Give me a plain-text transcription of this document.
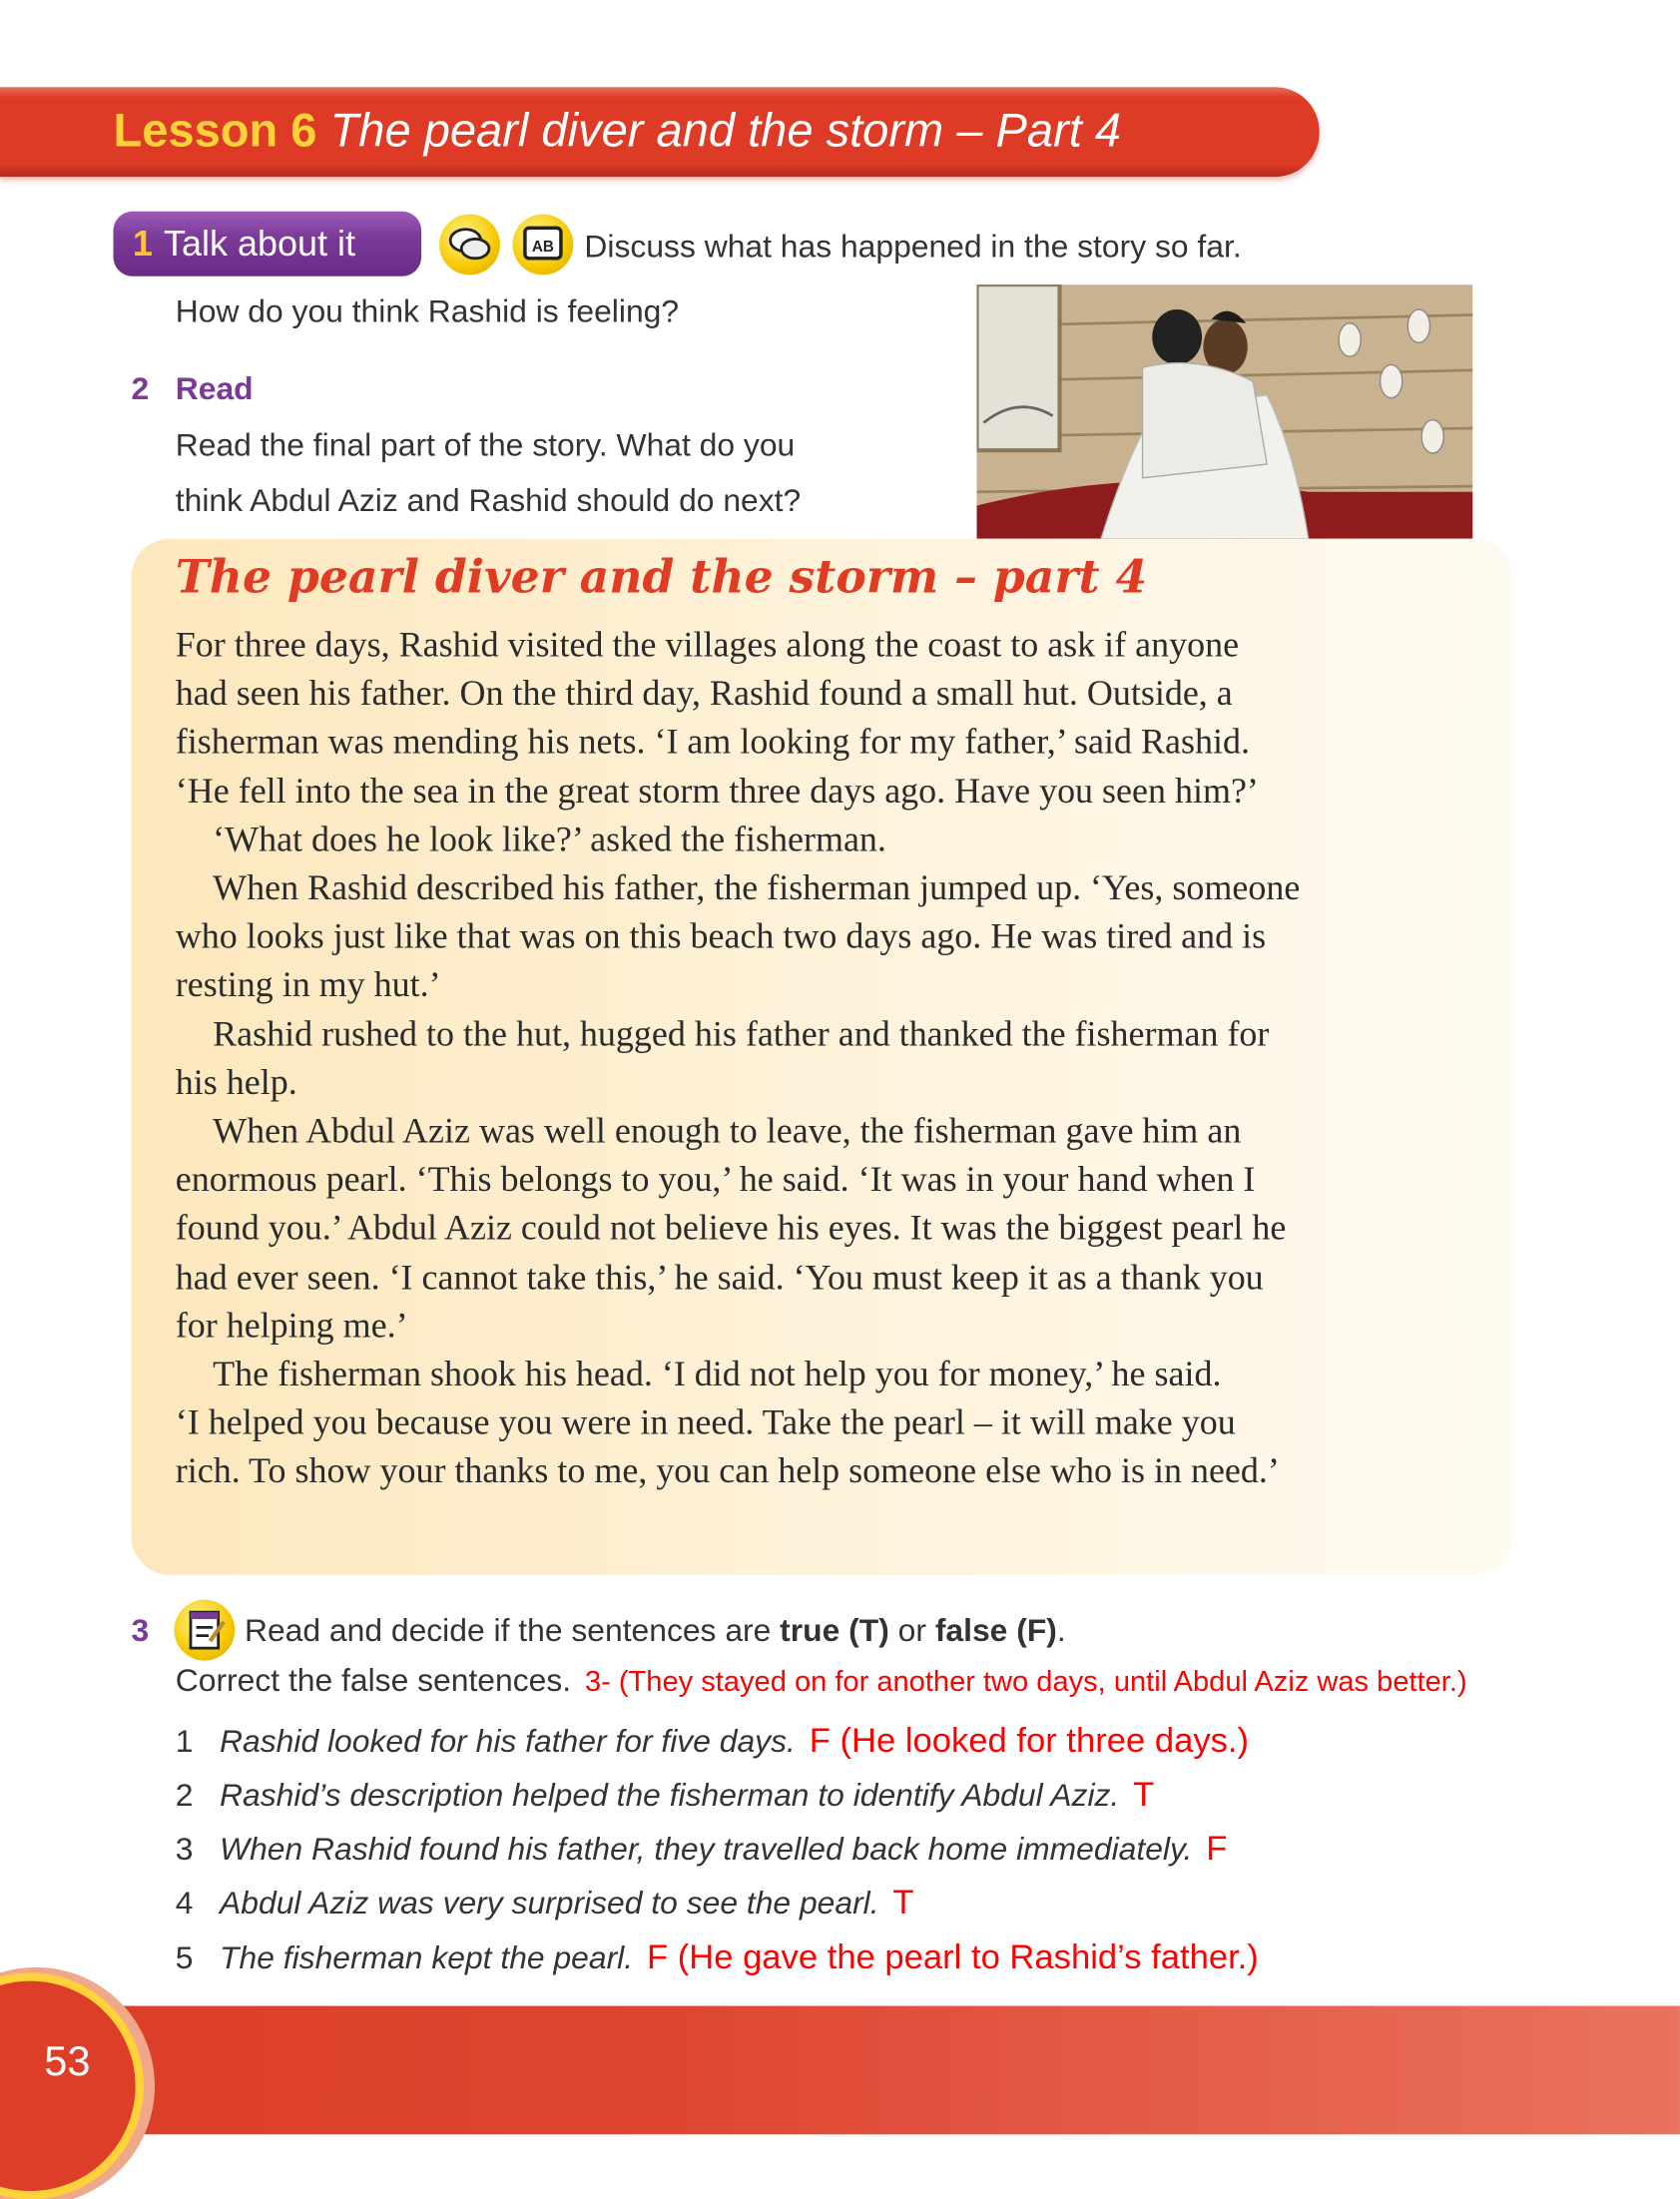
Lesson 6 The pearl diver and the storm – Part 4
1 Talk about it	AB Discuss what has happened in the story so far.
How do you think Rashid is feeling?
2 Read
Read the final part of the story. What do you
think Abdul Aziz and Rashid should do next?
The pearl diver and the storm – part 4
For three days, Rashid visited the villages along the coast to ask if anyone
had seen his father. On the third day, Rashid found a small hut. Outside, a
fisherman was mending his nets. ‘I am looking for my father,’ said Rashid.
‘He fell into the sea in the great storm three days ago. Have you seen him?’
‘What does he look like?’ asked the fisherman.
When Rashid described his father, the fisherman jumped up. ‘Yes, someone
who looks just like that was on this beach two days ago. He was tired and is
resting in my hut.’
Rashid rushed to the hut, hugged his father and thanked the fisherman for
his help.
When Abdul Aziz was well enough to leave, the fisherman gave him an
enormous pearl. ‘This belongs to you,’ he said. ‘It was in your hand when I
found you.’ Abdul Aziz could not believe his eyes. It was the biggest pearl he
had ever seen. ‘I cannot take this,’ he said. ‘You must keep it as a thank you
for helping me.’
The fisherman shook his head. ‘I did not help you for money,’ he said.
‘I helped you because you were in need. Take the pearl – it will make you
rich. To show your thanks to me, you can help someone else who is in need.’
3	Read and decide if the sentences are true (T) or false (F).
Correct the false sentences. 3- (They stayed on for another two days, until Abdul Aziz was better.)
1 Rashid looked for his father for five days. F (He looked for three days.)
2 Rashid’s description helped the fisherman to identify Abdul Aziz. T
3 When Rashid found his father, they travelled back home immediately. F
4 Abdul Aziz was very surprised to see the pearl. T
5 The fisherman kept the pearl. F (He gave the pearl to Rashid’s father.)
53
